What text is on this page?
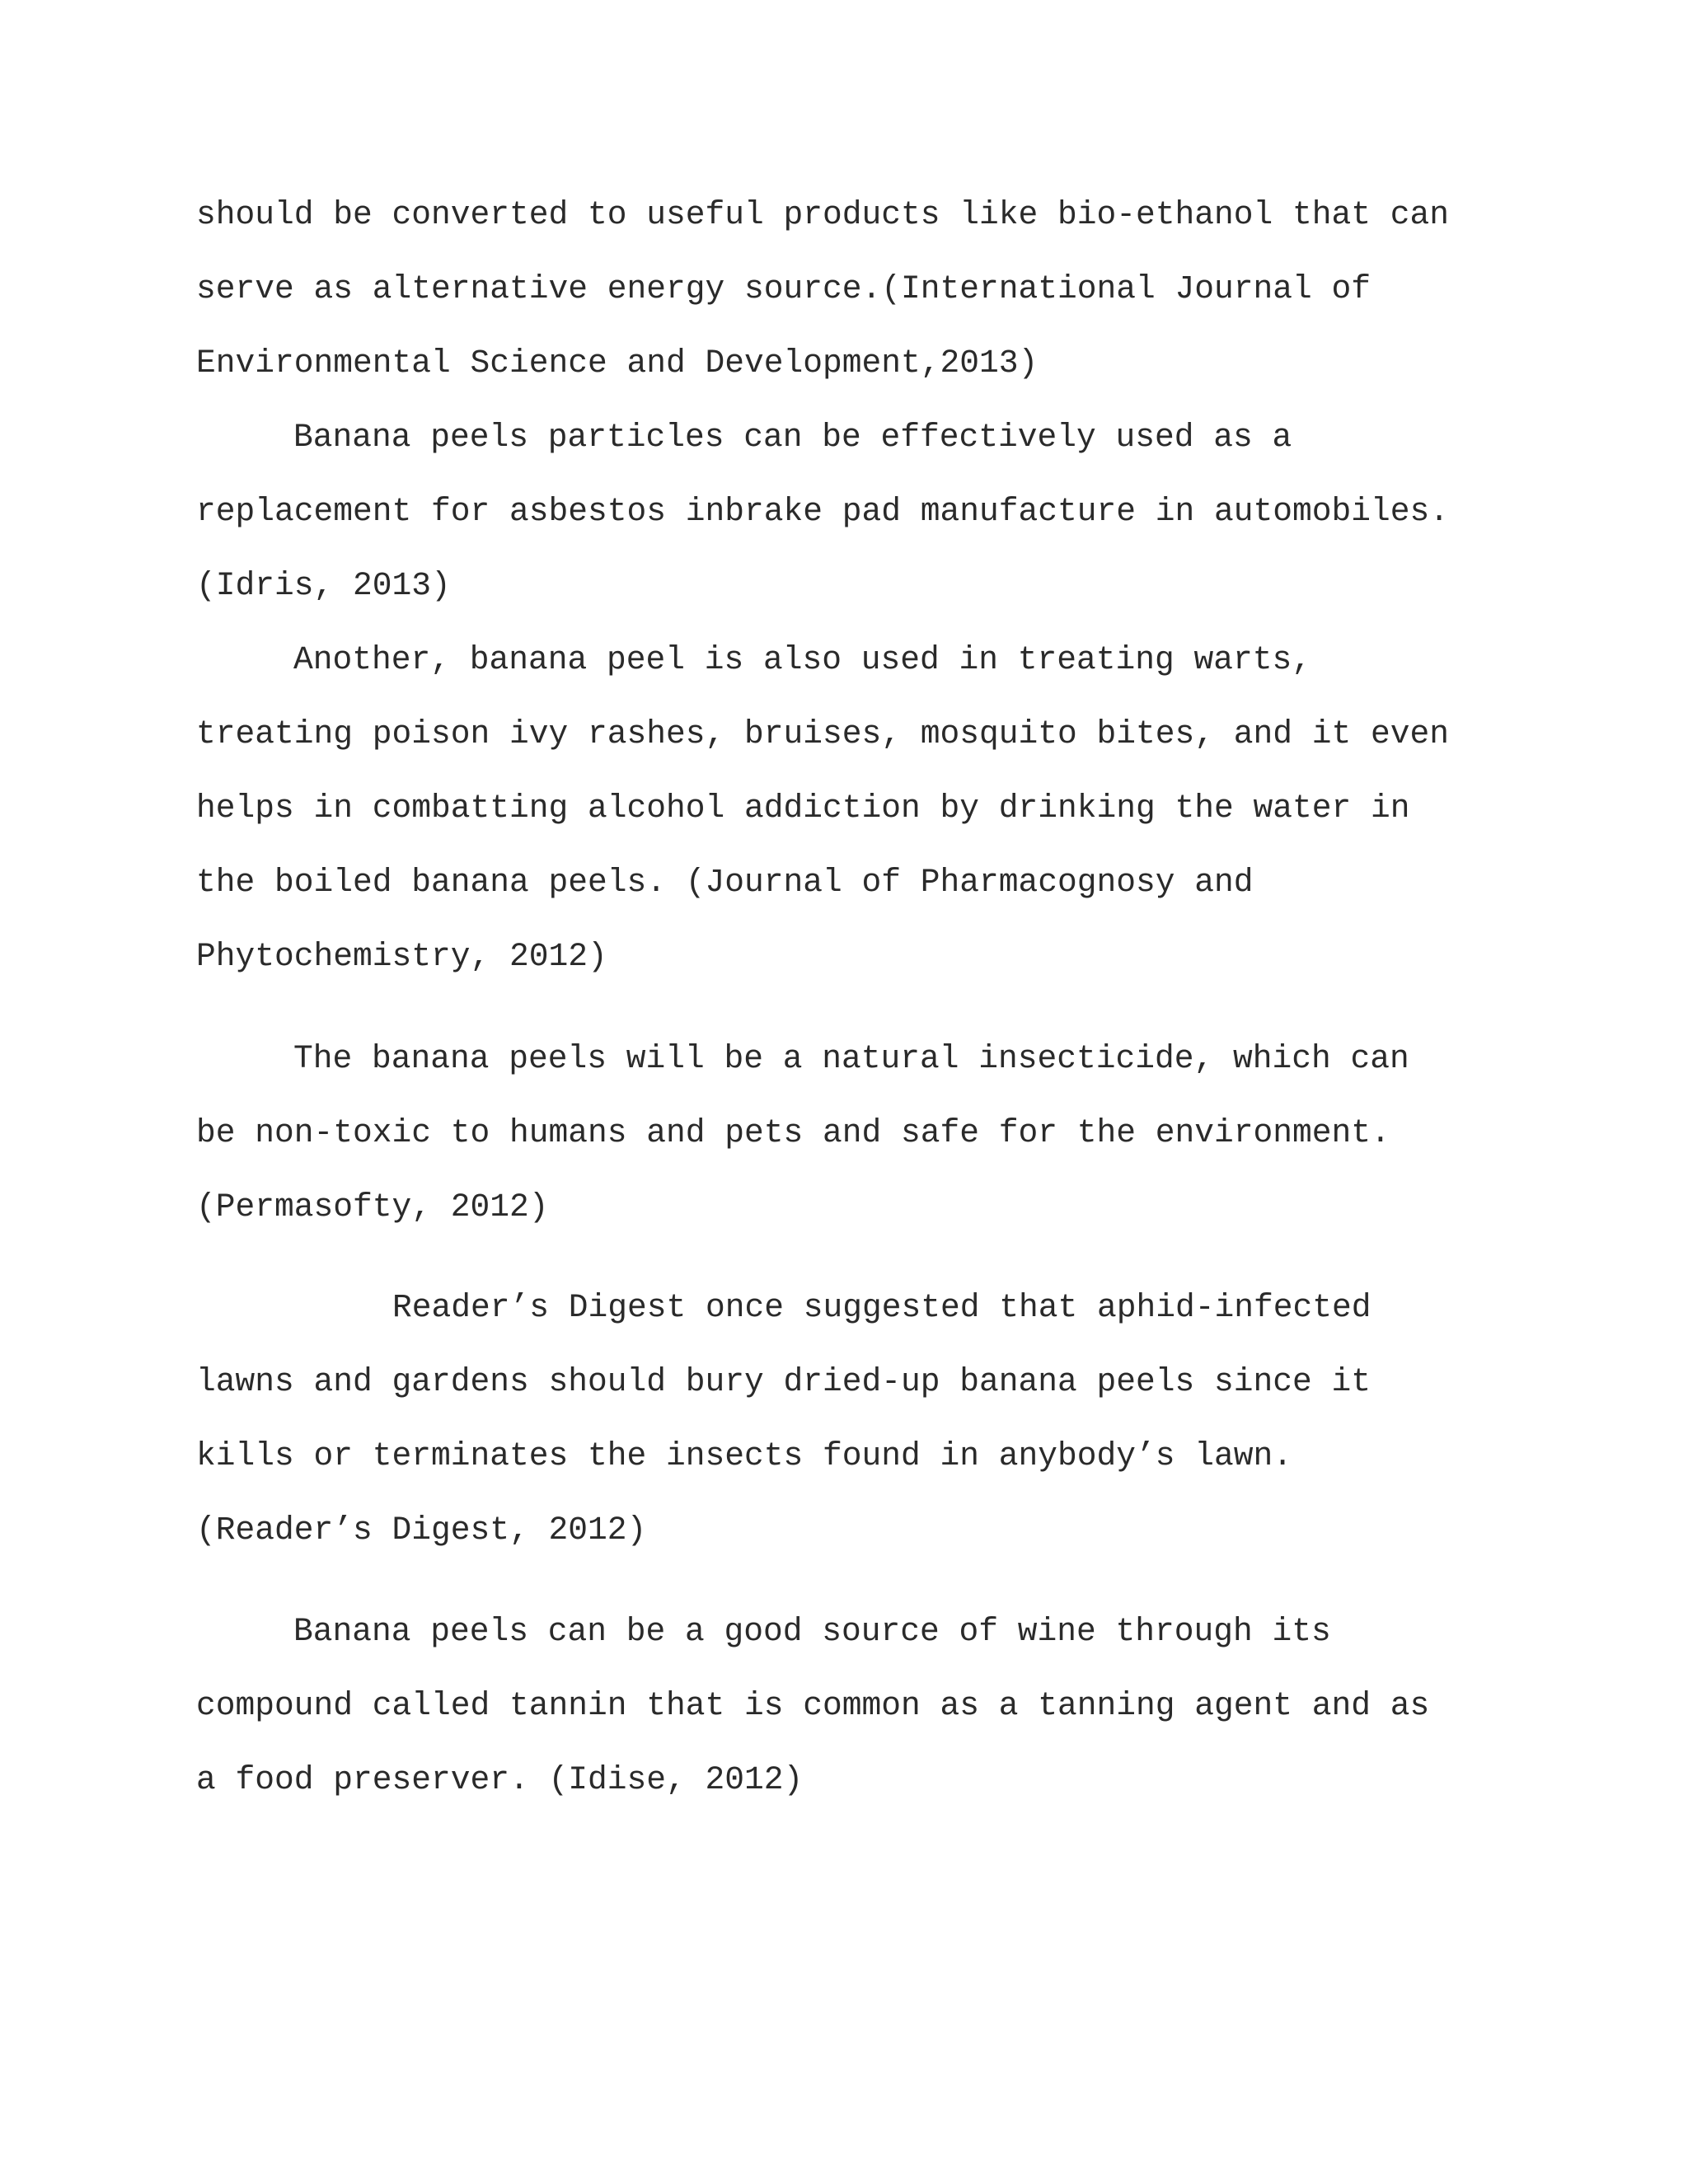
should be converted to useful products like bio-ethanol that can
serve as alternative energy source.(International Journal of
Environmental Science and Development,2013)
Banana peels particles can be effectively used as a
replacement for asbestos inbrake pad manufacture in automobiles.
(Idris, 2013)
Another, banana peel is also used in treating warts,
treating poison ivy rashes, bruises, mosquito bites, and it even
helps in combatting alcohol addiction by drinking the water in
the boiled banana peels. (Journal of Pharmacognosy and
Phytochemistry, 2012)
The banana peels will be a natural insecticide, which can
be non-toxic to humans and pets and safe for the environment.
(Permasofty, 2012)
Reader’s Digest once suggested that aphid-infected
lawns and gardens should bury dried-up banana peels since it
kills or terminates the insects found in anybody’s lawn.
(Reader’s Digest, 2012)
Banana peels can be a good source of wine through its
compound called tannin that is common as a tanning agent and as
a food preserver. (Idise, 2012)
